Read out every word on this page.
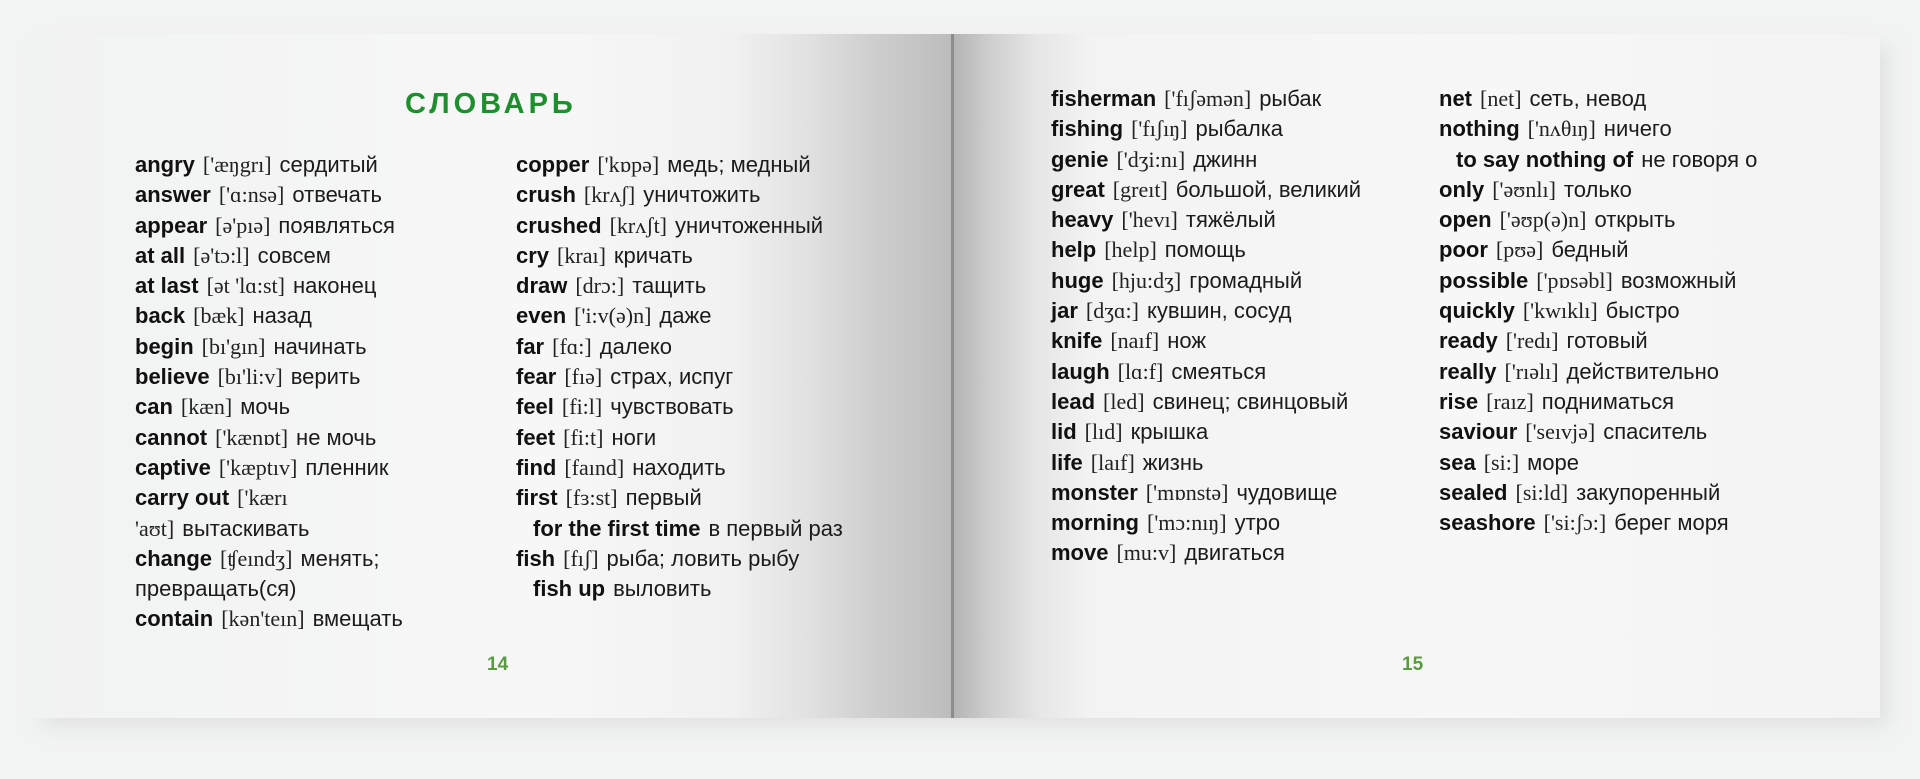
СЛОВАРЬ
angry ['æŋgrı] сердитый
answer ['ɑ:nsə] отвечать
appear [ə'pıə] появляться
at all [ə'tɔ:l] совсем
at last [ət 'lɑ:st] наконец
back [bæk] назад
begin [bı'gın] начинать
believe [bı'li:v] верить
can [kæn] мочь
cannot ['kænɒt] не мочь
captive ['kæptıv] пленник
carry out ['kærı 'aʊt] вытаскивать
change [ʧeındʒ] менять; превращать(ся)
contain [kən'teın] вмещать
copper ['kɒpə] медь; медный
crush [krʌʃ] уничтожить
crushed [krʌʃt] уничтоженный
cry [kraı] кричать
draw [drɔ:] тащить
even ['i:v(ə)n] даже
far [fɑ:] далеко
fear [fıə] страх, испуг
feel [fi:l] чувствовать
feet [fi:t] ноги
find [faınd] находить
first [fɜ:st] первый
for the first time в первый раз
fish [fıʃ] рыба; ловить рыбу
fish up выловить
fisherman ['fıʃəmən] рыбак
fishing ['fıʃıŋ] рыбалка
genie ['dʒi:nı] джинн
great [greıt] большой, великий
heavy ['hevı] тяжёлый
help [help] помощь
huge [hju:dʒ] громадный
jar [dʒɑ:] кувшин, сосуд
knife [naıf] нож
laugh [lɑ:f] смеяться
lead [led] свинец; свинцовый
lid [lıd] крышка
life [laıf] жизнь
monster ['mɒnstə] чудовище
morning ['mɔ:nıŋ] утро
move [mu:v] двигаться
net [net] сеть, невод
nothing ['nʌθıŋ] ничего
to say nothing of не говоря о
only ['əʊnlı] только
open ['əʊp(ə)n] открыть
poor [pʊə] бедный
possible ['pɒsəbl] возможный
quickly ['kwıklı] быстро
ready ['redı] готовый
really ['rıəlı] действительно
rise [raız] подниматься
saviour ['seıvjə] спаситель
sea [si:] море
sealed [si:ld] закупоренный
seashore ['si:ʃɔ:] берег моря
14	15
